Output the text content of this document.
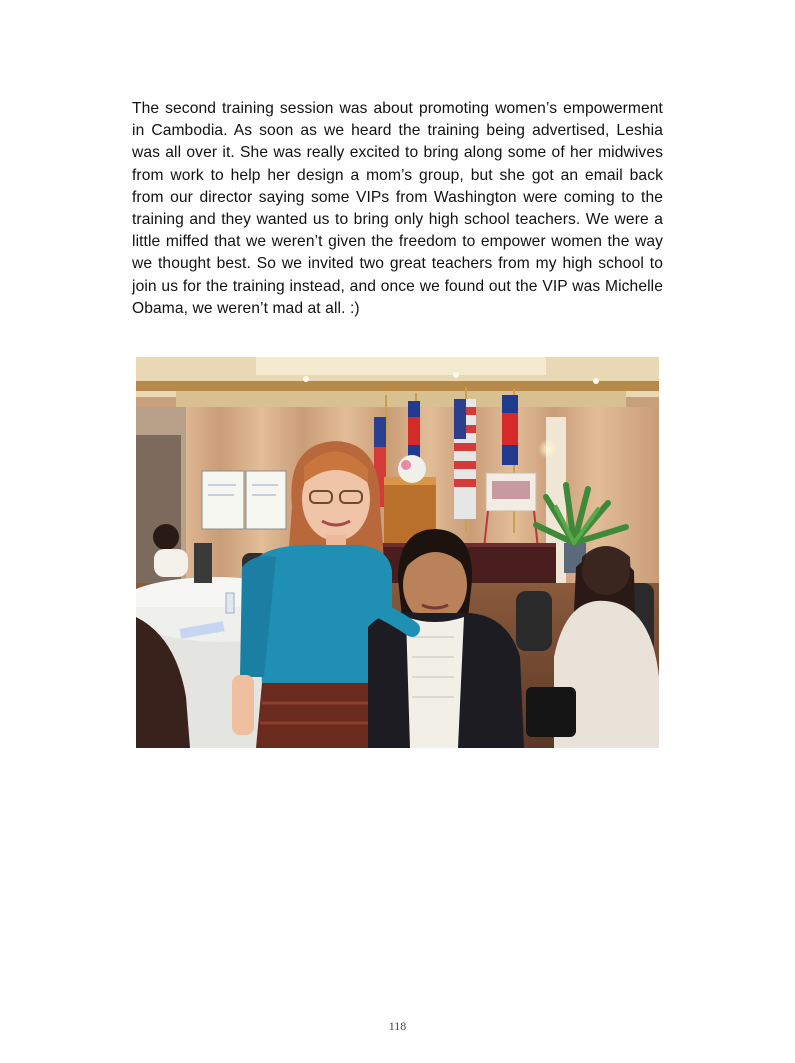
The second training session was about promoting women’s empowerment in Cambodia. As soon as we heard the training being advertised, Leshia was all over it. She was really excited to bring along some of her midwives from work to help her design a mom’s group, but she got an email back from our director saying some VIPs from Washington were coming to the training and they wanted us to bring only high school teachers. We were a little miffed that we weren’t given the freedom to empower women the way we thought best. So we invited two great teachers from my high school to join us for the training instead, and once we found out the VIP was Michelle Obama, we weren’t mad at all. :)

118
